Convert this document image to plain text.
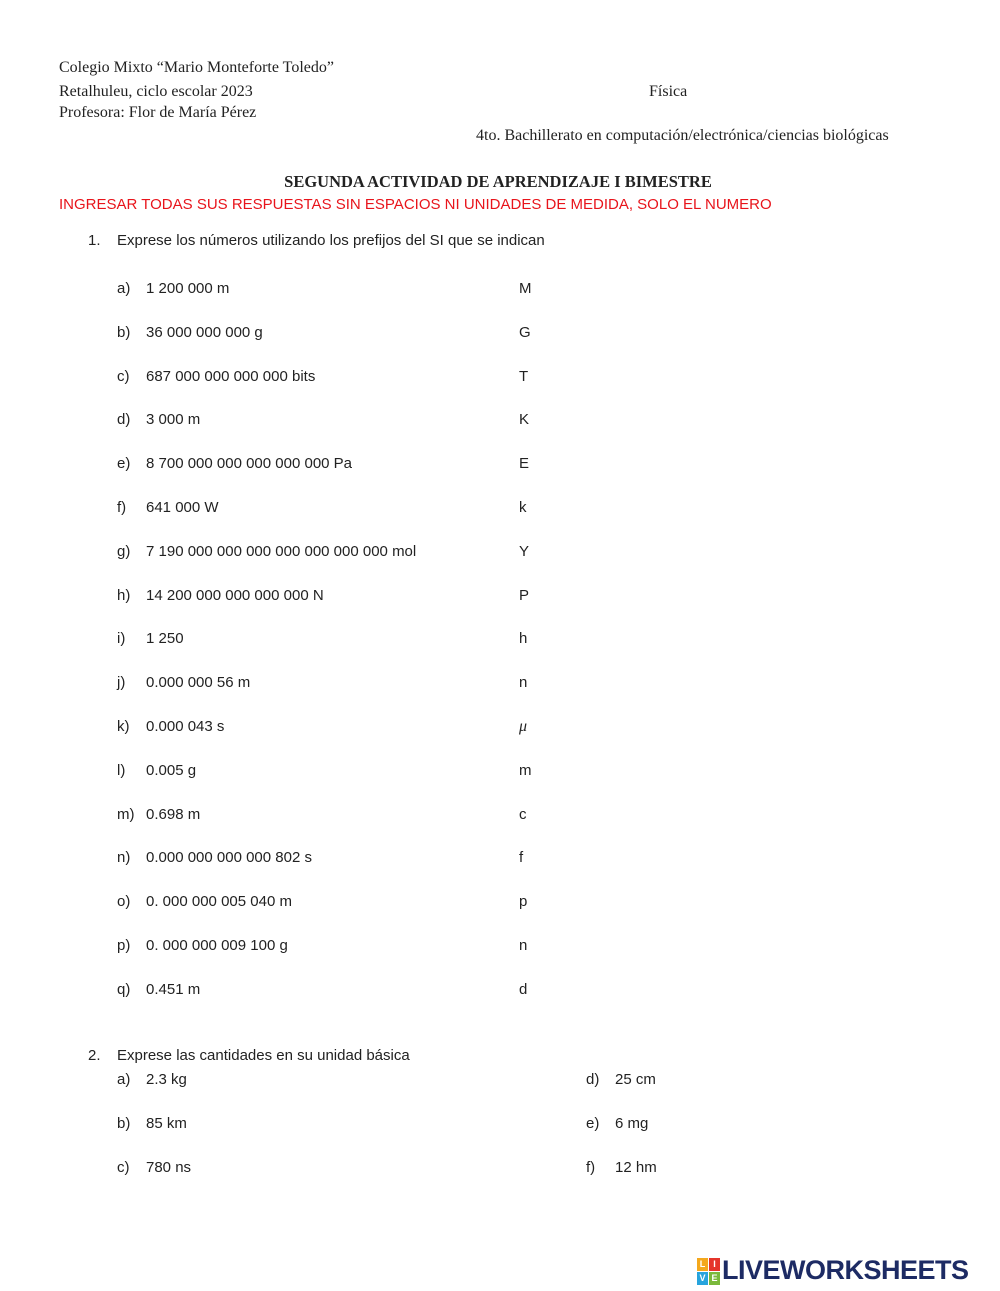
Colegio Mixto “Mario Monteforte Toledo”
Retalhuleu, ciclo escolar 2023	Física
Profesora: Flor de María Pérez
4to. Bachillerato en computación/electrónica/ciencias biológicas
SEGUNDA ACTIVIDAD DE APRENDIZAJE I BIMESTRE
INGRESAR TODAS SUS RESPUESTAS SIN ESPACIOS NI UNIDADES DE MEDIDA, SOLO EL NUMERO
1. Exprese los números utilizando los prefijos del SI que se indican
a) 1 200 000 m	M
b) 36 000 000 000 g	G
c) 687 000 000 000 000 bits	T
d) 3 000 m	K
e) 8 700 000 000 000 000 000 Pa	E
f) 641 000 W	k
g) 7 190 000 000 000 000 000 000 000 mol	Y
h) 14 200 000 000 000 000 N	P
i) 1 250	h
j) 0.000 000 56 m	n
k) 0.000 043 s	μ
l) 0.005 g	m
m) 0.698 m	c
n) 0.000 000 000 000 802 s	f
o) 0. 000 000 005 040 m	p
p) 0. 000 000 009 100 g	n
q) 0.451 m	d
2. Exprese las cantidades en su unidad básica
a) 2.3 kg	d) 25 cm
b) 85 km	e) 6 mg
c) 780 ns	f) 12 hm
L I
V E LIVEWORKSHEETS
